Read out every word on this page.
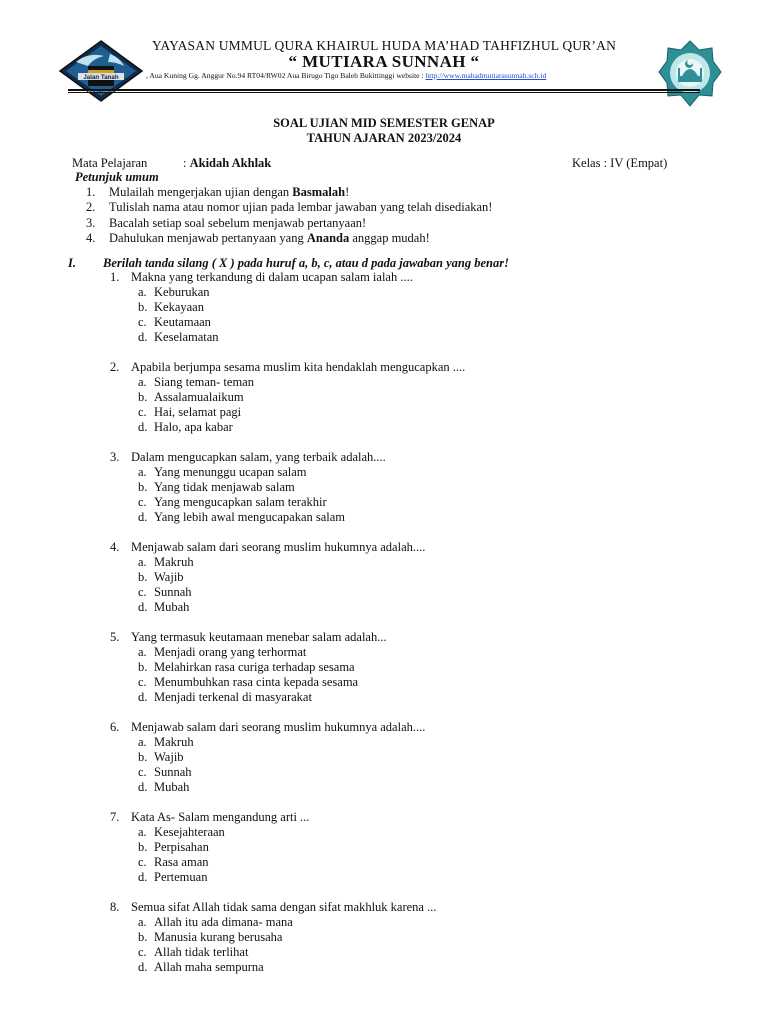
Jalan Tanah
BUKITTINGGI
YAYASAN UMMUL QURA KHAIRUL HUDA MA’HAD TAHFIZHUL QUR’AN
“ MUTIARA SUNNAH “
, Aua Kuning Gg. Anggur No.94 RT04/RW02 Aua Birugo Tigo Baleh Bukittinggi website : http://www.mahadmutiarasunnah.sch.id
SOAL UJIAN MID SEMESTER GENAP
TAHUN AJARAN 2023/2024
Mata Pelajaran	: Akidah Akhlak	Kelas : IV (Empat)
Petunjuk umum
1. Mulailah mengerjakan ujian dengan Basmalah!
2. Tulislah nama atau nomor ujian pada lembar jawaban yang telah disediakan!
3. Bacalah setiap soal sebelum menjawab pertanyaan!
4. Dahulukan menjawab pertanyaan yang Ananda anggap mudah!
I. Berilah tanda silang ( X ) pada huruf a, b, c, atau d pada jawaban yang benar!
1. Makna yang terkandung di dalam ucapan salam ialah ....
a. Keburukan
b. Kekayaan
c. Keutamaan
d. Keselamatan
2. Apabila berjumpa sesama muslim kita hendaklah mengucapkan ....
a. Siang teman- teman
b. Assalamualaikum
c. Hai, selamat pagi
d. Halo, apa kabar
3. Dalam mengucapkan salam, yang terbaik adalah....
a. Yang menunggu ucapan salam
b. Yang tidak menjawab salam
c. Yang mengucapkan salam terakhir
d. Yang lebih awal mengucapakan salam
4. Menjawab salam dari seorang muslim hukumnya adalah....
a. Makruh
b. Wajib
c. Sunnah
d. Mubah
5. Yang termasuk keutamaan menebar salam adalah...
a. Menjadi orang yang terhormat
b. Melahirkan rasa curiga terhadap sesama
c. Menumbuhkan rasa cinta kepada sesama
d. Menjadi terkenal di masyarakat
6. Menjawab salam dari seorang muslim hukumnya adalah....
a. Makruh
b. Wajib
c. Sunnah
d. Mubah
7. Kata As- Salam mengandung arti ...
a. Kesejahteraan
b. Perpisahan
c. Rasa aman
d. Pertemuan
8. Semua sifat Allah tidak sama dengan sifat makhluk karena ...
a. Allah itu ada dimana- mana
b. Manusia kurang berusaha
c. Allah tidak terlihat
d. Allah maha sempurna
